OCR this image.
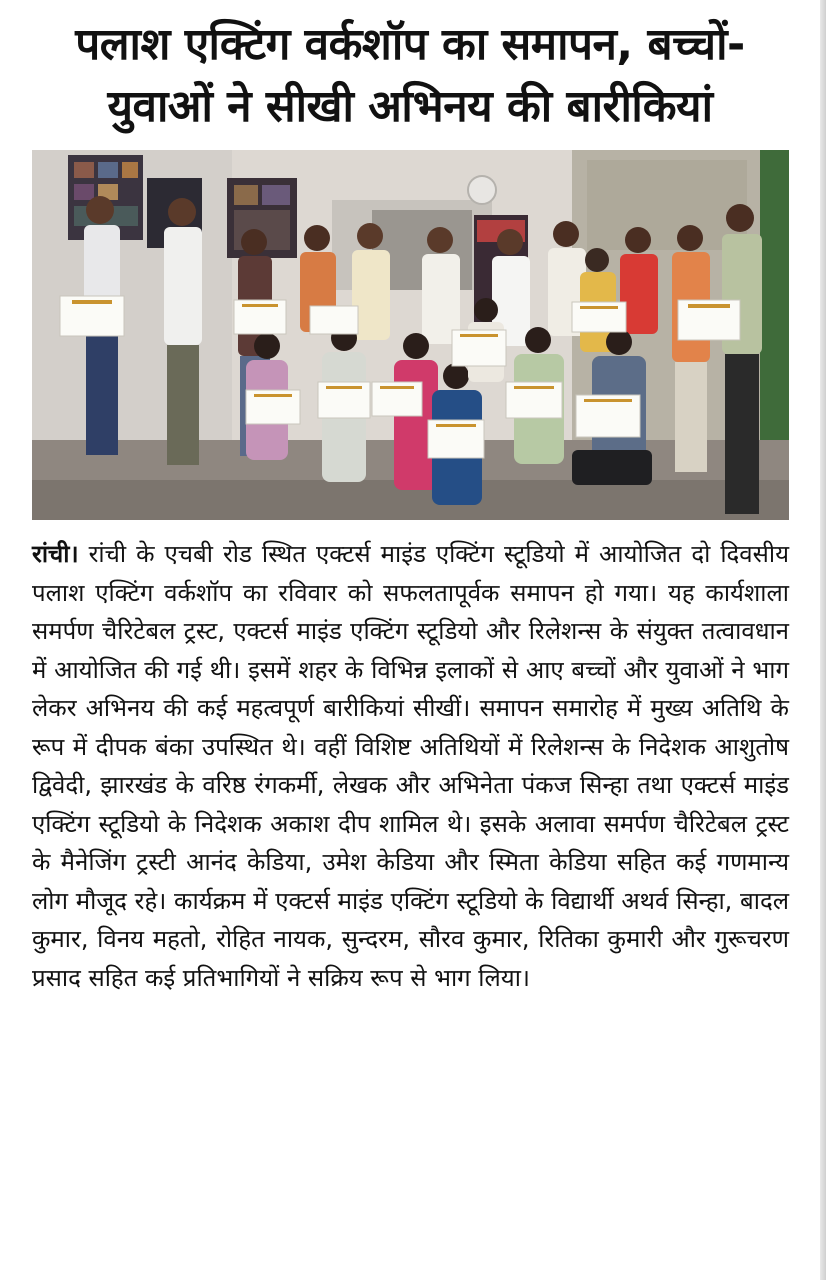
पलाश एक्टिंग वर्कशॉप का समापन, बच्चों-युवाओं ने सीखी अभिनय की बारीकियां

रांची। रांची के एचबी रोड स्थित एक्टर्स माइंड एक्टिंग स्टूडियो में आयोजित दो दिवसीय पलाश एक्टिंग वर्कशॉप का रविवार को सफलतापूर्वक समापन हो गया। यह कार्यशाला समर्पण चैरिटेबल ट्रस्ट, एक्टर्स माइंड एक्टिंग स्टूडियो और रिलेशन्स के संयुक्त तत्वावधान में आयोजित की गई थी। इसमें शहर के विभिन्न इलाकों से आए बच्चों और युवाओं ने भाग लेकर अभिनय की कई महत्वपूर्ण बारीकियां सीखीं। समापन समारोह में मुख्य अतिथि के रूप में दीपक बंका उपस्थित थे। वहीं विशिष्ट अतिथियों में रिलेशन्स के निदेशक आशुतोष द्विवेदी, झारखंड के वरिष्ठ रंगकर्मी, लेखक और अभिनेता पंकज सिन्हा तथा एक्टर्स माइंड एक्टिंग स्टूडियो के निदेशक अकाश दीप शामिल थे। इसके अलावा समर्पण चैरिटेबल ट्रस्ट के मैनेजिंग ट्रस्टी आनंद केडिया, उमेश केडिया और स्मिता केडिया सहित कई गणमान्य लोग मौजूद रहे। कार्यक्रम में एक्टर्स माइंड एक्टिंग स्टूडियो के विद्यार्थी अथर्व सिन्हा, बादल कुमार, विनय महतो, रोहित नायक, सुन्दरम, सौरव कुमार, रितिका कुमारी और गुरूचरण प्रसाद सहित कई प्रतिभागियों ने सक्रिय रूप से भाग लिया।
